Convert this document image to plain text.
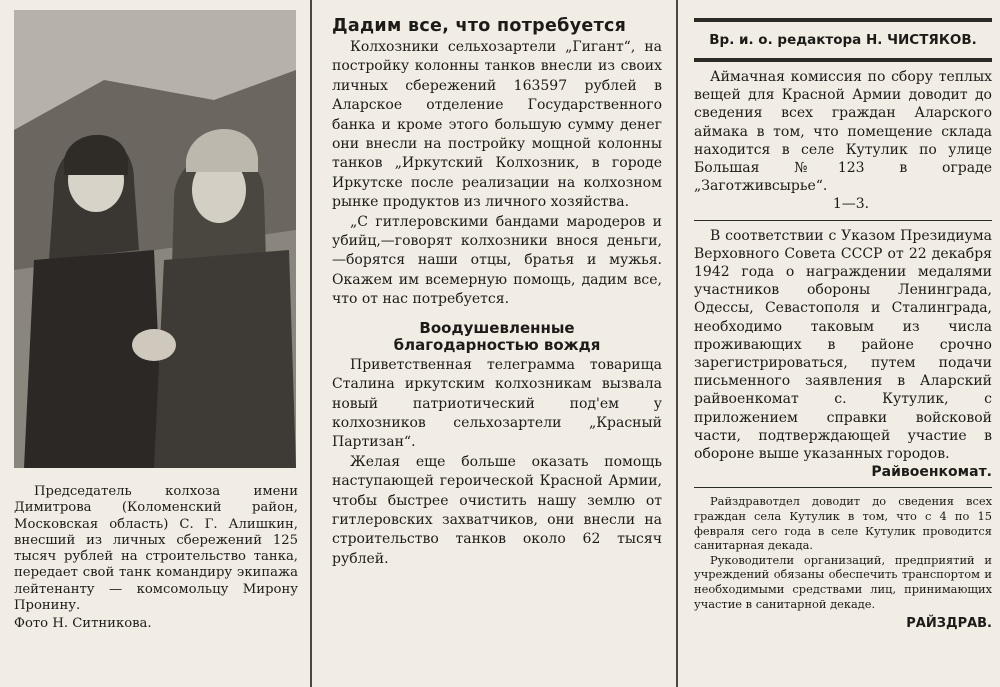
Председатель колхоза имени Димитрова (Коломенский район, Московская область) С. Г. Алишкин, внесший из личных сбережений 125 тысяч рублей на строительство танка, передает свой танк командиру экипажа лейтенанту — комсомольцу Мирону Пронину.

Фото Н. Ситникова.

Дадим все, что потребуется

Колхозники сельхозартели „Гигант“, на постройку колонны танков внесли из своих личных сбережений 163597 рублей в Аларское отделение Государственного банка и кроме этого большую сумму денег они внесли на постройку мощной колонны танков „Иркутский Колхозник, в городе Иркутске после реализации на колхозном рынке продуктов из личного хозяйства.

„С гитлеровскими бандами мародеров и убийц,—говорят колхозники внося деньги,—борятся наши отцы, братья и мужья. Окажем им всемерную помощь, дадим все, что от нас потребуется.

Воодушевленные
благодарностью вождя

Приветственная телеграмма товарища Сталина иркутским колхозникам вызвала новый патриотический под'ем у колхозников сельхозартели „Красный Партизан“.

Желая еще больше оказать помощь наступающей героической Красной Армии, чтобы быстрее очистить нашу землю от гитлеровских захватчиков, они внесли на строительство танков около 62 тысяч рублей.

Вр. и. о. редактора Н. ЧИСТЯКОВ.

Аймачная комиссия по сбору теплых вещей для Красной Армии доводит до сведения всех граждан Аларского аймака в том, что помещение склада находится в селе Кутулик по улице Большая №123 в ограде „Заготживсырье“.

1—3.

В соответствии с Указом Президиума Верховного Совета СССР от 22 декабря 1942 года о награждении медалями участников обороны Ленинграда, Одессы, Севастополя и Сталинграда, необходимо таковым из числа проживающих в районе срочно зарегистрироваться, путем подачи письменного заявления в Аларский райвоенкомат с. Кутулик, с приложением справки войсковой части, подтверждающей участие в обороне выше указанных городов.

Райвоенкомат.

Райздравотдел доводит до сведения всех граждан села Кутулик в том, что с 4 по 15 февраля сего года в селе Кутулик проводится санитарная декада.

Руководители организаций, предприятий и учреждений обязаны обеспечить транспортом и необходимыми средствами лиц, принимающих участие в санитарной декаде.

РАЙЗДРАВ.
